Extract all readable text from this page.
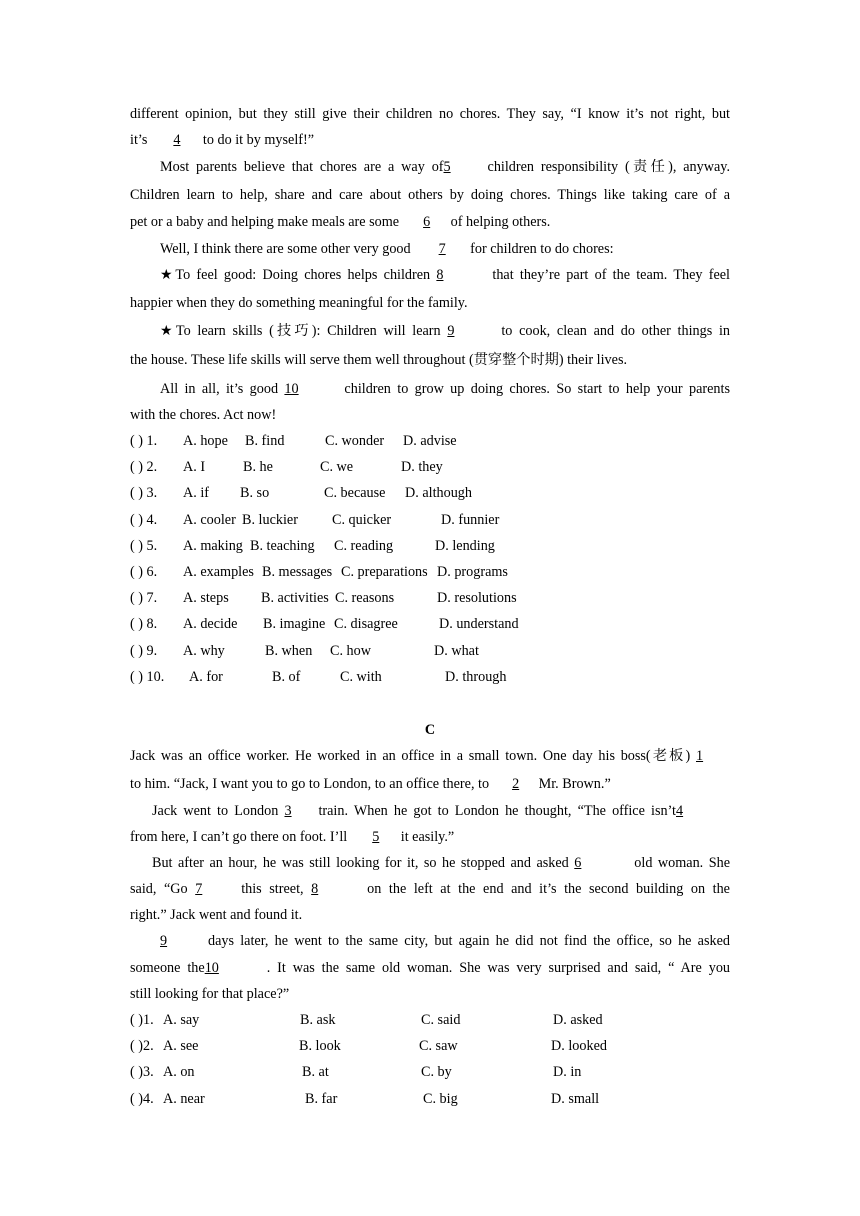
different opinion, but they still give their children no chores. They say, “I know it’s not right, but
it’s 4 to do it by myself!”
Most parents believe that chores are a way of5	children responsibility (责任), anyway.
Children learn to help, share and care about others by doing chores. Things like taking care of a
pet or a baby and helping make meals are some 6 of helping others.
Well, I think there are some other very good 7 for children to do chores:
★To feel good: Doing chores helps children 8	that they’re part of the team. They feel
happier when they do something meaningful for the family.
★To learn skills (技巧): Children will learn 9	to cook, clean and do other things in
the house. These life skills will serve them well throughout (贯穿整个时期) their lives.
All in all, it’s good 10	children to grow up doing chores. So start to help your parents
with the chores. Act now!
( ) 1. A. hope B. find	C. wonder D. advise
( ) 2. A. I	B. he	C. we	D. they
( ) 3. A. if B. so	C. because D. although
( ) 4. A. cooler B. luckier C. quicker	D. funnier
( ) 5. A. making B. teaching C. reading	D. lending
( ) 6. A. examples B. messages C. preparations D. programs
( ) 7. A. steps B. activities C. reasons	D. resolutions
( ) 8. A. decide B. imagine C. disagree	D. understand
( ) 9. A. why	B. when C. how	D. what
( ) 10. A. for	B. of	C. with	D. through
C
Jack was an office worker. He worked in an office in a small town. One day his boss(老板) 1
to him. “Jack, I want you to go to London, to an office there, to 2 Mr. Brown.”
Jack went to London 3 train. When he got to London he thought, “The office isn’t4
from here, I can’t go there on foot. I’ll 5 it easily.”
But after an hour, he was still looking for it, so he stopped and asked 6	old woman. She
said, “Go 7	this street, 8	on the left at the end and it’s the second building on the
right.” Jack went and found it.
9	days later, he went to the same city, but again he did not find the office, so he asked
someone the10	. It was the same old woman. She was very surprised and said, “ Are you
still looking for that place?”
( )1. A. say	B. ask	C. said	D. asked
( )2. A. see	B. look	C. saw	D. looked
( )3. A. on	B. at	C. by	D. in
( )4. A. near	B. far	C. big	D. small
